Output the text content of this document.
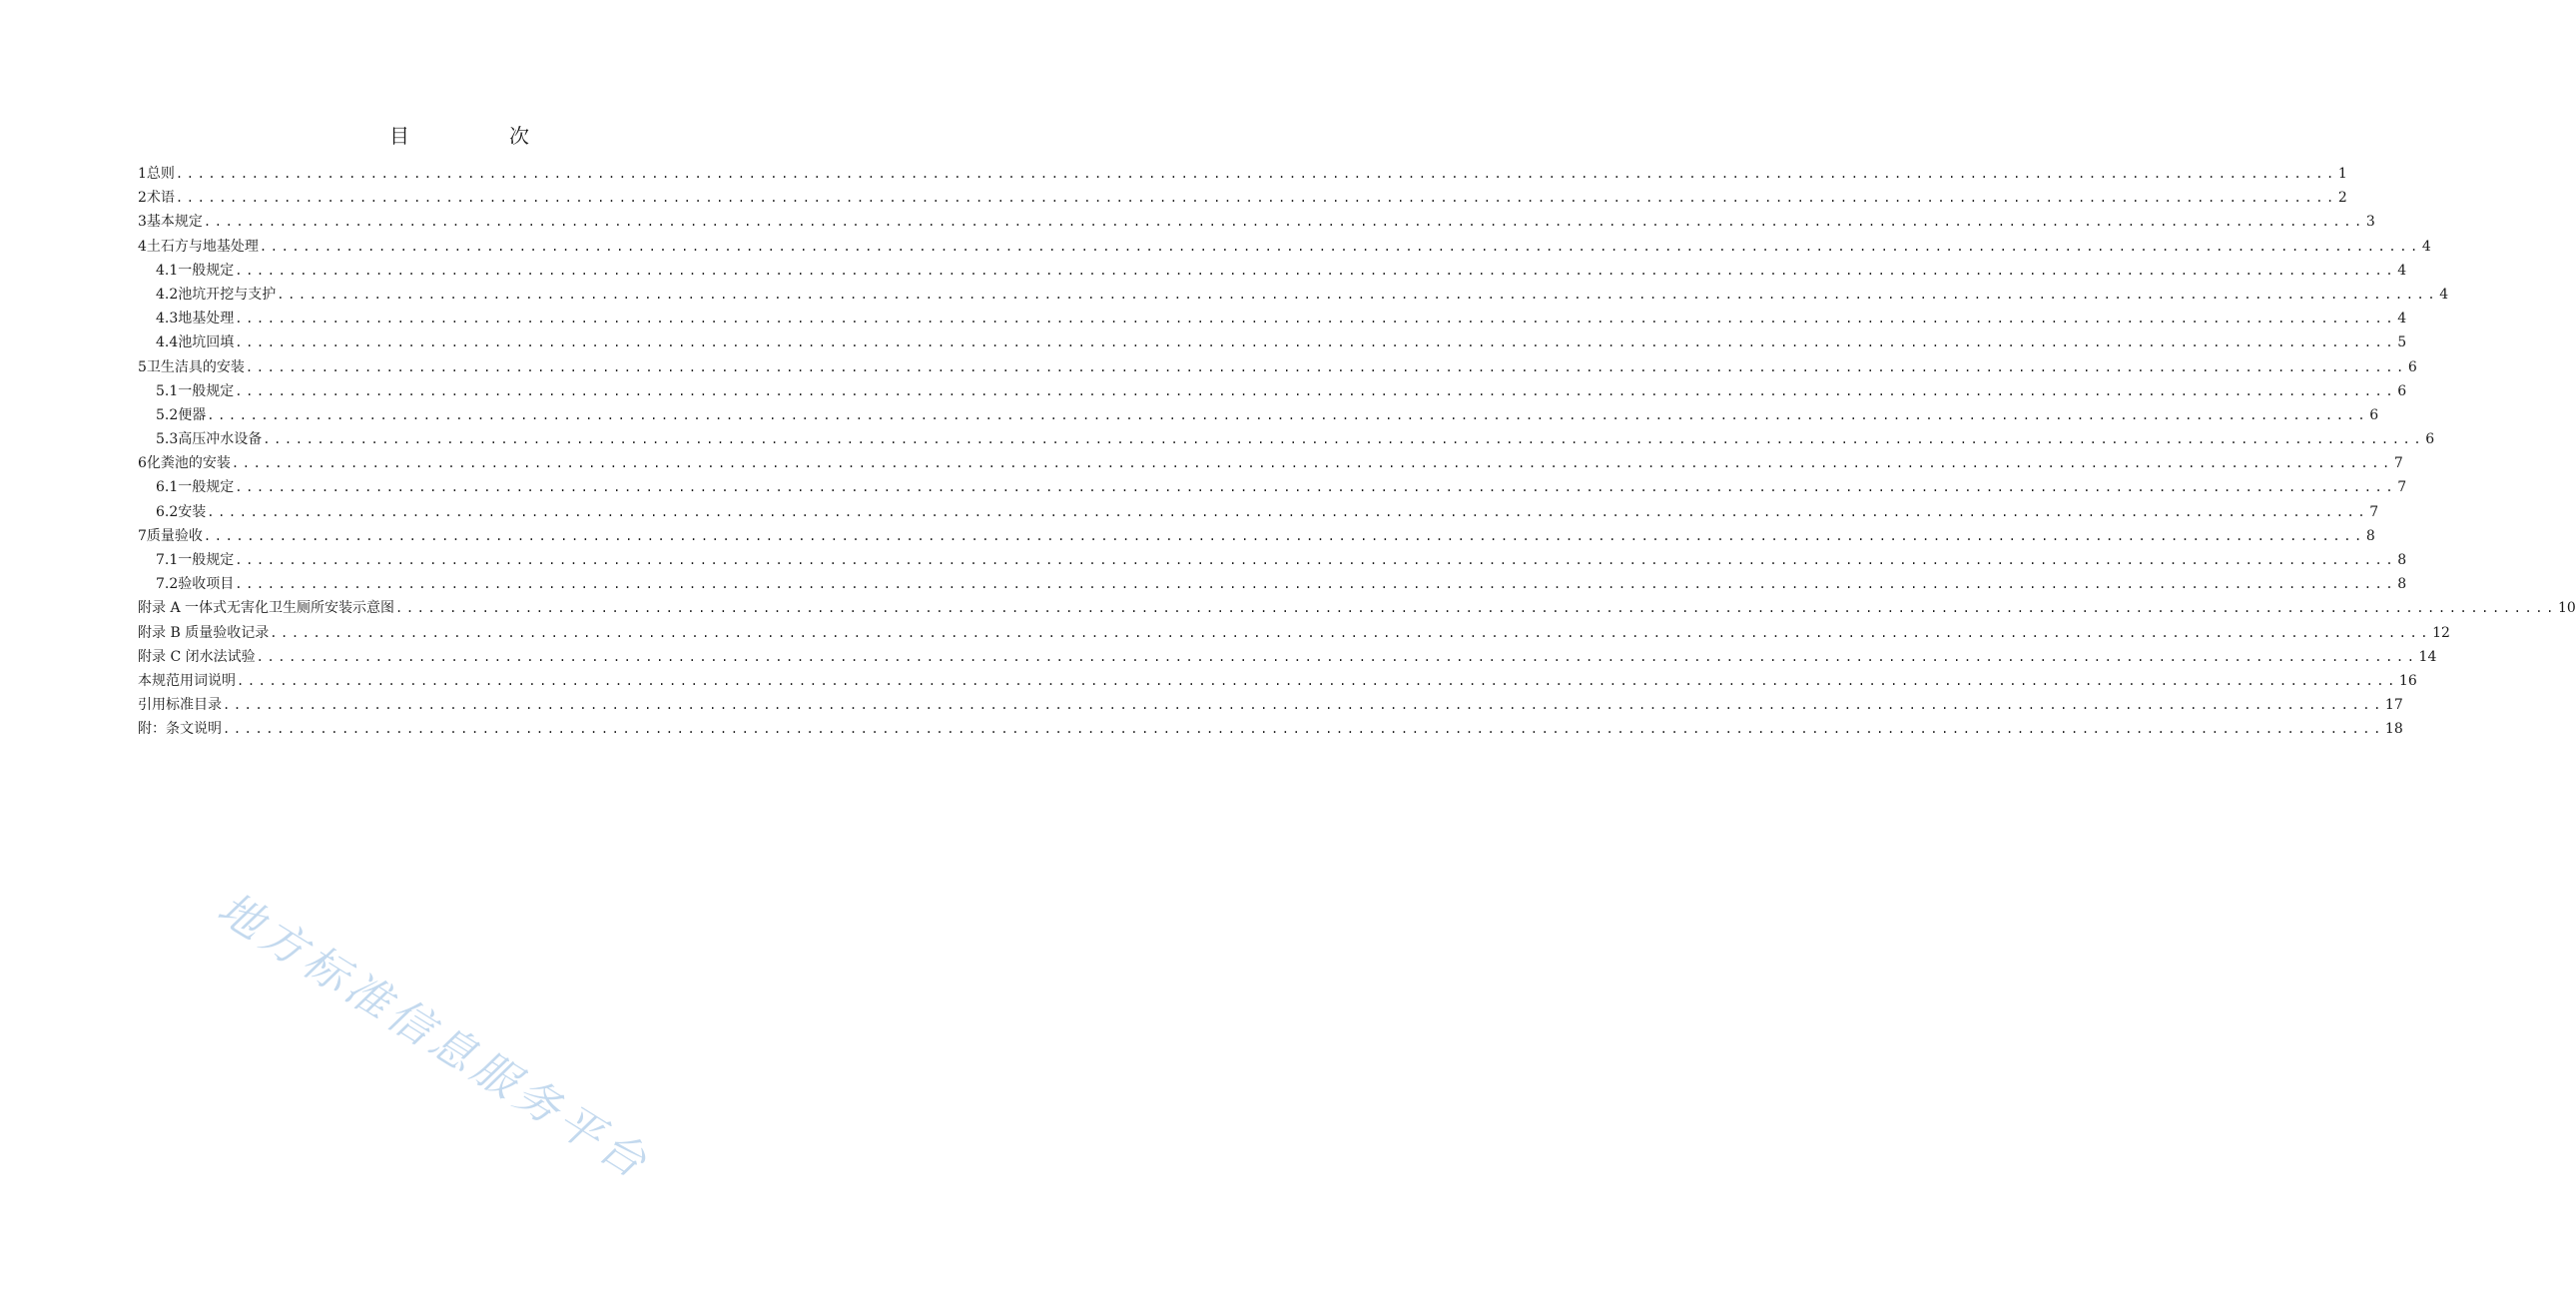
目　次
1 总则 ........................................................................................................................................................................................................ 1
2 术语 ........................................................................................................................................................................................................ 2
3 基本规定 ........................................................................................................................................................................................................ 3
4 土石方与地基处理 ........................................................................................................................................................................................................ 4
4.1 一般规定 ........................................................................................................................................................................................................ 4
4.2 池坑开挖与支护 ........................................................................................................................................................................................................ 4
4.3 地基处理 ........................................................................................................................................................................................................ 4
4.4 池坑回填 ........................................................................................................................................................................................................ 5
5 卫生洁具的安装 ........................................................................................................................................................................................................ 6
5.1 一般规定 ........................................................................................................................................................................................................ 6
5.2 便器 ........................................................................................................................................................................................................ 6
5.3 高压冲水设备 ........................................................................................................................................................................................................ 6
6 化粪池的安装 ........................................................................................................................................................................................................ 7
6.1 一般规定 ........................................................................................................................................................................................................ 7
6.2 安装 ........................................................................................................................................................................................................ 7
7 质量验收 ........................................................................................................................................................................................................ 8
7.1 一般规定 ........................................................................................................................................................................................................ 8
7.2 验收项目 ........................................................................................................................................................................................................ 8
附录 A 一体式无害化卫生厕所安装示意图 ........................................................................................................................................................................................................ 10
附录 B 质量验收记录 ........................................................................................................................................................................................................ 12
附录 C 闭水法试验 ........................................................................................................................................................................................................ 14
本规范用词说明 ........................................................................................................................................................................................................ 16
引用标准目录 ........................................................................................................................................................................................................ 17
附：条文说明 ........................................................................................................................................................................................................ 18
地方标准信息服务平台
